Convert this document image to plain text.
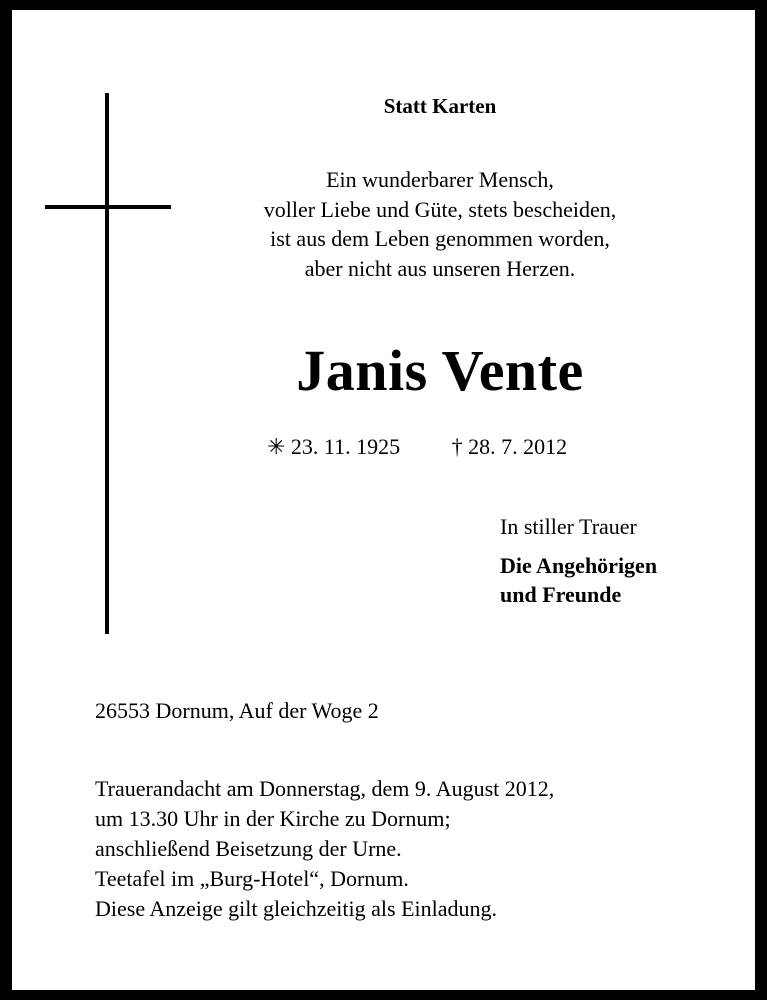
Statt Karten
Ein wunderbarer Mensch,
voller Liebe und Güte, stets bescheiden,
ist aus dem Leben genommen worden,
aber nicht aus unseren Herzen.
Janis Vente
✳ 23. 11. 1925 † 28. 7. 2012
In stiller Trauer
Die Angehörigen
und Freunde
26553 Dornum, Auf der Woge 2
Trauerandacht am Donnerstag, dem 9. August 2012,
um 13.30 Uhr in der Kirche zu Dornum;
anschließend Beisetzung der Urne.
Teetafel im „Burg-Hotel“, Dornum.
Diese Anzeige gilt gleichzeitig als Einladung.
